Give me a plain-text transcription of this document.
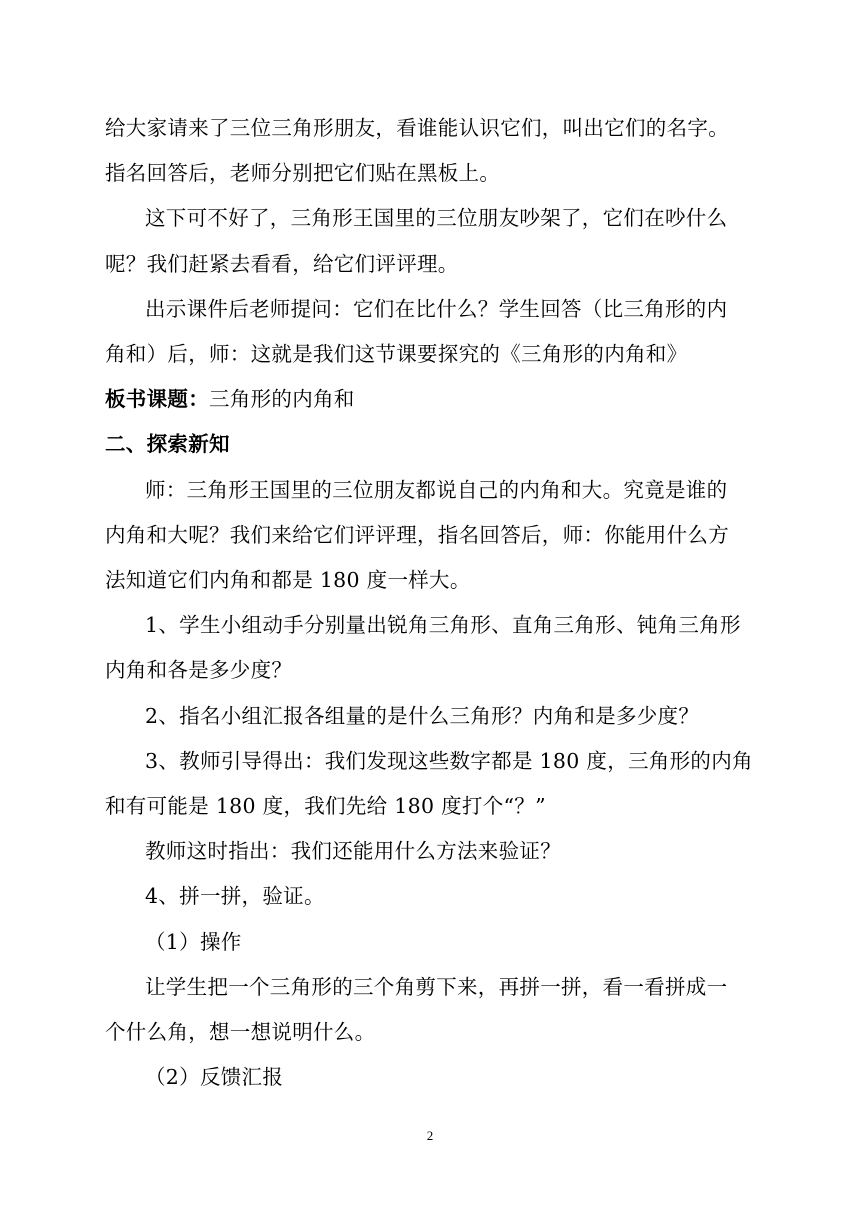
给大家请来了三位三角形朋友，看谁能认识它们，叫出它们的名字。
指名回答后，老师分别把它们贴在黑板上。
这下可不好了，三角形王国里的三位朋友吵架了，它们在吵什么
呢？我们赶紧去看看，给它们评评理。
出示课件后老师提问：它们在比什么？学生回答（比三角形的内
角和）后，师：这就是我们这节课要探究的《三角形的内角和》
板书课题：三角形的内角和
二、探索新知
师：三角形王国里的三位朋友都说自己的内角和大。究竟是谁的
内角和大呢？我们来给它们评评理，指名回答后，师：你能用什么方
法知道它们内角和都是 180 度一样大。
1、学生小组动手分别量出锐角三角形、直角三角形、钝角三角形
内角和各是多少度？
2、指名小组汇报各组量的是什么三角形？内角和是多少度？
3、教师引导得出：我们发现这些数字都是 180 度，三角形的内角
和有可能是 180 度，我们先给 180 度打个“？”
教师这时指出：我们还能用什么方法来验证？
4、拼一拼，验证。
（1）操作
让学生把一个三角形的三个角剪下来，再拼一拼，看一看拼成一
个什么角，想一想说明什么。
（2）反馈汇报
2
